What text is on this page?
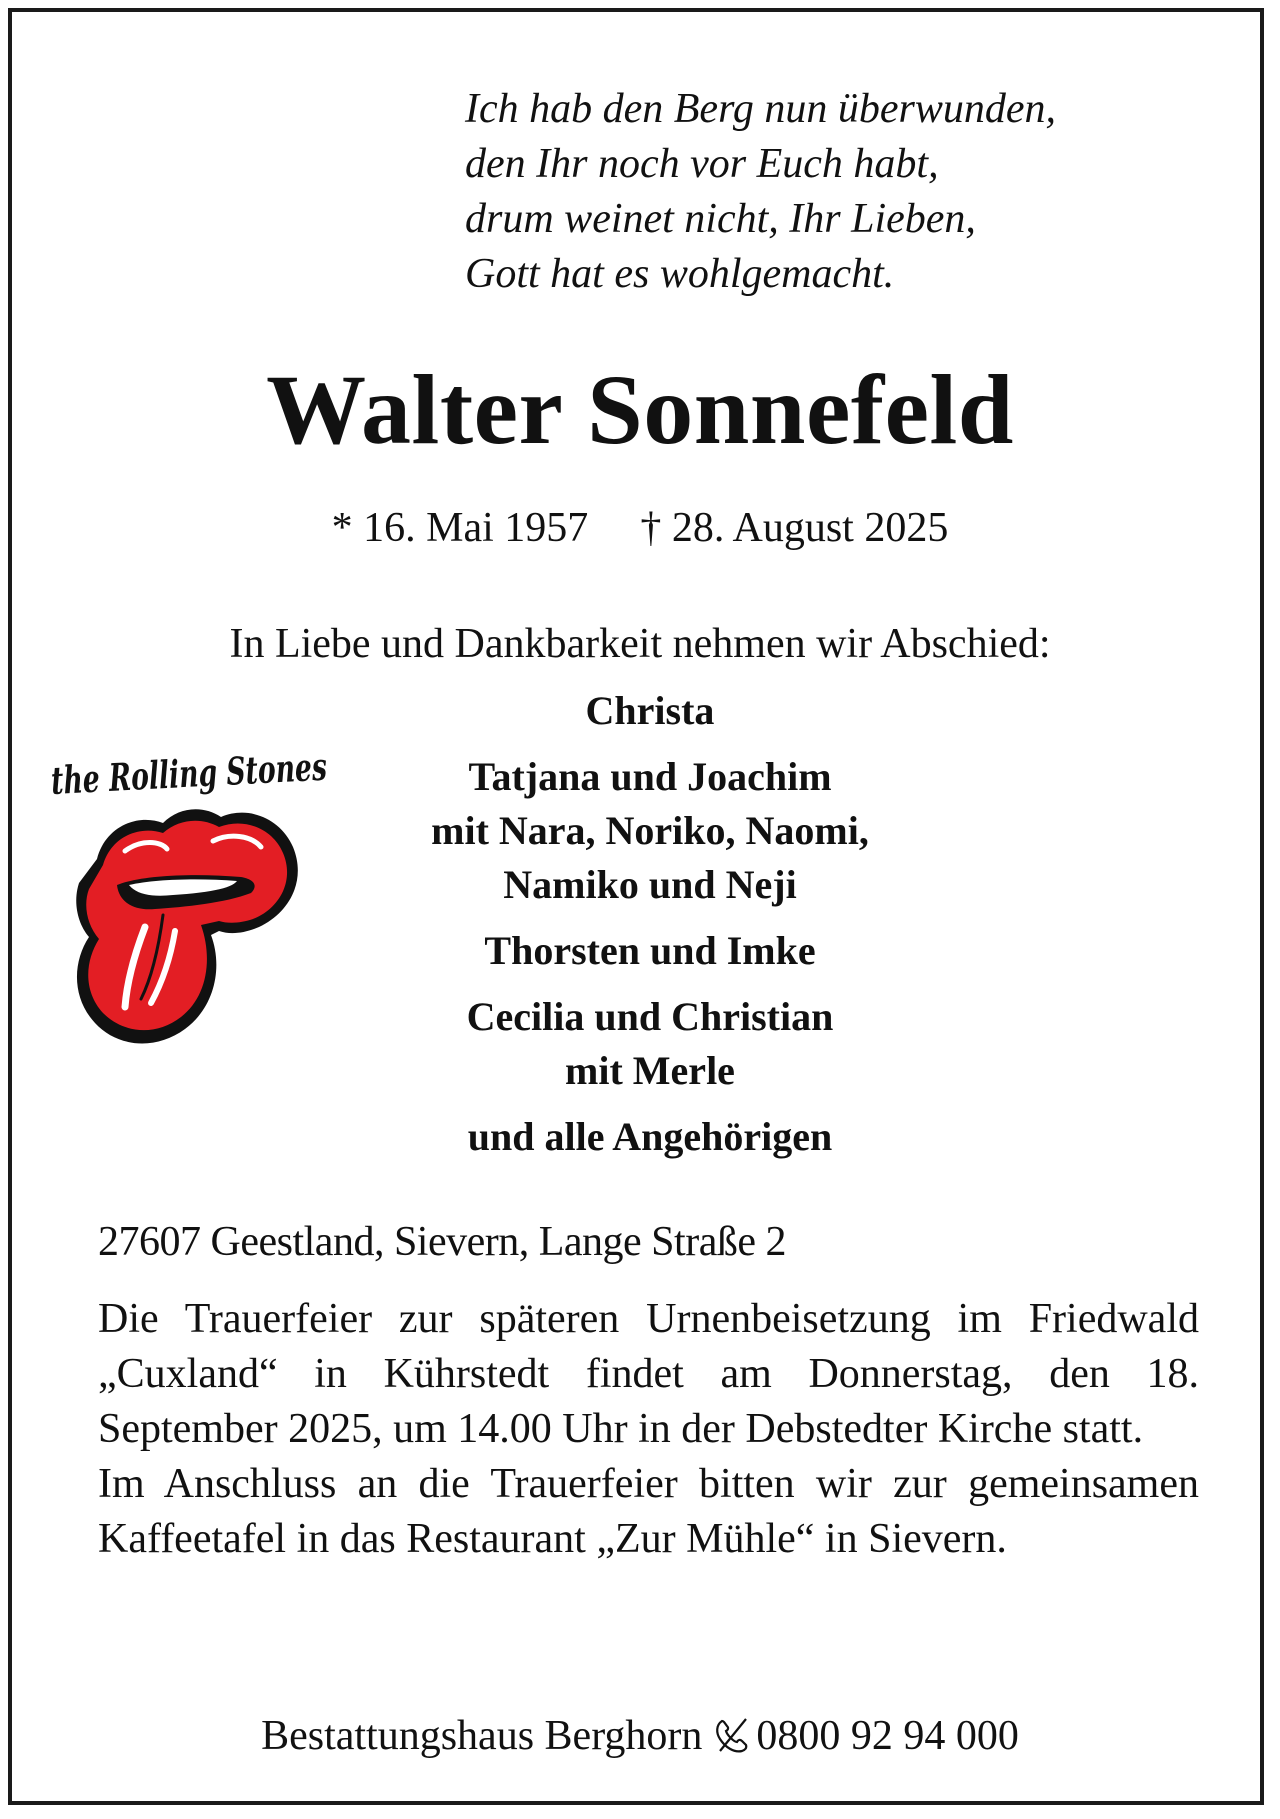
Ich hab den Berg nun überwunden,
den Ihr noch vor Euch habt,
drum weinet nicht, Ihr Lieben,
Gott hat es wohlgemacht.
Walter Sonnefeld
* 16. Mai 1957 † 28. August 2025
In Liebe und Dankbarkeit nehmen wir Abschied:
Christa
Tatjana und Joachim
mit Nara, Noriko, Naomi,
Namiko und Neji
Thorsten und Imke
Cecilia und Christian
mit Merle
und alle Angehörigen
the Rolling Stones
27607 Geestland, Sievern, Lange Straße 2

Die Trauerfeier zur späteren Urnenbeisetzung im Friedwald „Cuxland“ in Kührstedt findet am Donnerstag, den 18. September 2025, um 14.00 Uhr in der Debstedter Kirche statt.

Im Anschluss an die Trauerfeier bitten wir zur gemeinsamen Kaffeetafel in das Restaurant „Zur Mühle“ in Sievern.

Bestattungshaus Berghorn 0800 92 94 000
